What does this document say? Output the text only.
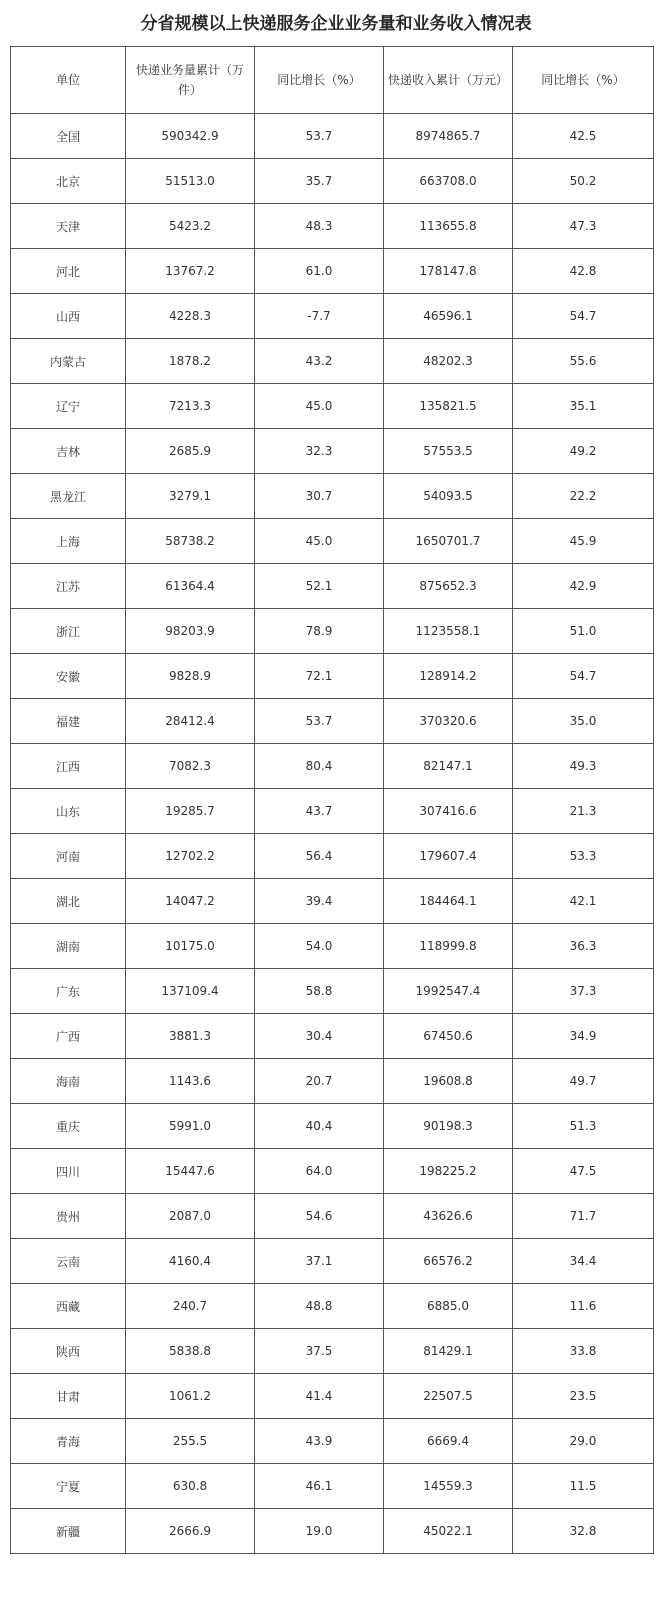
分省规模以上快递服务企业业务量和业务收入情况表
单位	快递业务量累计（万件）	同比增长（%）	快递收入累计（万元）	同比增长（%）
全国	590342.9	53.7	8974865.7	42.5
北京	51513.0	35.7	663708.0	50.2
天津	5423.2	48.3	113655.8	47.3
河北	13767.2	61.0	178147.8	42.8
山西	4228.3	-7.7	46596.1	54.7
内蒙古	1878.2	43.2	48202.3	55.6
辽宁	7213.3	45.0	135821.5	35.1
吉林	2685.9	32.3	57553.5	49.2
黑龙江	3279.1	30.7	54093.5	22.2
上海	58738.2	45.0	1650701.7	45.9
江苏	61364.4	52.1	875652.3	42.9
浙江	98203.9	78.9	1123558.1	51.0
安徽	9828.9	72.1	128914.2	54.7
福建	28412.4	53.7	370320.6	35.0
江西	7082.3	80.4	82147.1	49.3
山东	19285.7	43.7	307416.6	21.3
河南	12702.2	56.4	179607.4	53.3
湖北	14047.2	39.4	184464.1	42.1
湖南	10175.0	54.0	118999.8	36.3
广东	137109.4	58.8	1992547.4	37.3
广西	3881.3	30.4	67450.6	34.9
海南	1143.6	20.7	19608.8	49.7
重庆	5991.0	40.4	90198.3	51.3
四川	15447.6	64.0	198225.2	47.5
贵州	2087.0	54.6	43626.6	71.7
云南	4160.4	37.1	66576.2	34.4
西藏	240.7	48.8	6885.0	11.6
陕西	5838.8	37.5	81429.1	33.8
甘肃	1061.2	41.4	22507.5	23.5
青海	255.5	43.9	6669.4	29.0
宁夏	630.8	46.1	14559.3	11.5
新疆	2666.9	19.0	45022.1	32.8
